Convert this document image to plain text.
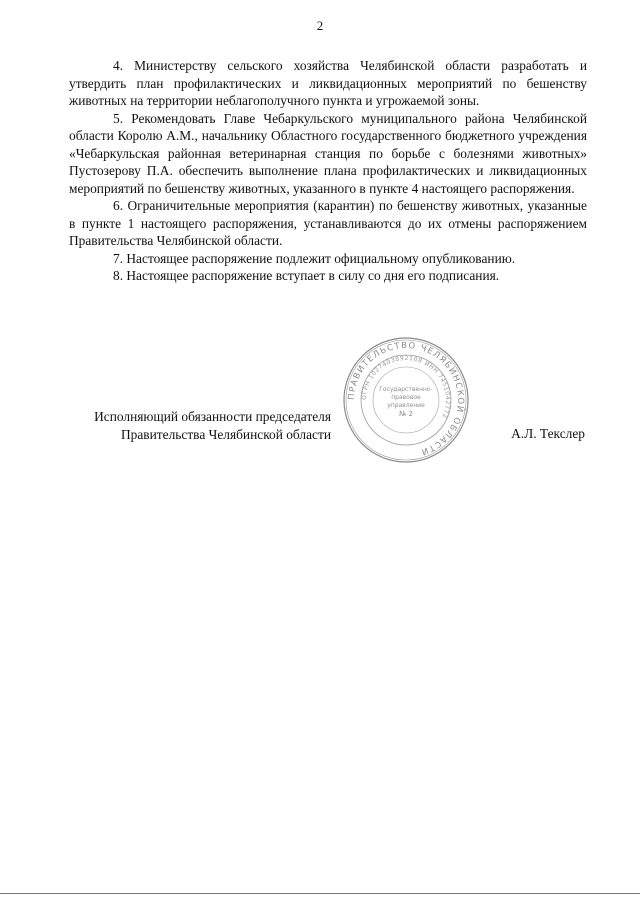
2

4. Министерству сельского хозяйства Челябинской области разработать и утвердить план профилактических и ликвидационных мероприятий по бешенству животных на территории неблагополучного пункта и угрожаемой зоны.

5. Рекомендовать Главе Чебаркульского муниципального района Челябинской области Королю А.М., начальнику Областного государственного бюджетного учреждения «Чебаркульская районная ветеринарная станция по борьбе с болезнями животных» Пустозерову П.А. обеспечить выполнение плана профилактических и ликвидационных мероприятий по бешенству животных, указанного в пункте 4 настоящего распоряжения.

6. Ограничительные мероприятия (карантин) по бешенству животных, указанные в пункте 1 настоящего распоряжения, устанавливаются до их отмены распоряжением Правительства Челябинской области.

7. Настоящее распоряжение подлежит официальному опубликованию.

8. Настоящее распоряжение вступает в силу со дня его подписания.

ПРАВИТЕЛЬСТВО ЧЕЛЯБИНСКОЙ ОБЛАСТИ
ОГРН 1027403892108 ИНН 7451042772
Государственно-
правовое
управление
№ 2
Исполняющий обязанности председателя
Правительства Челябинской области	А.Л. Текслер
